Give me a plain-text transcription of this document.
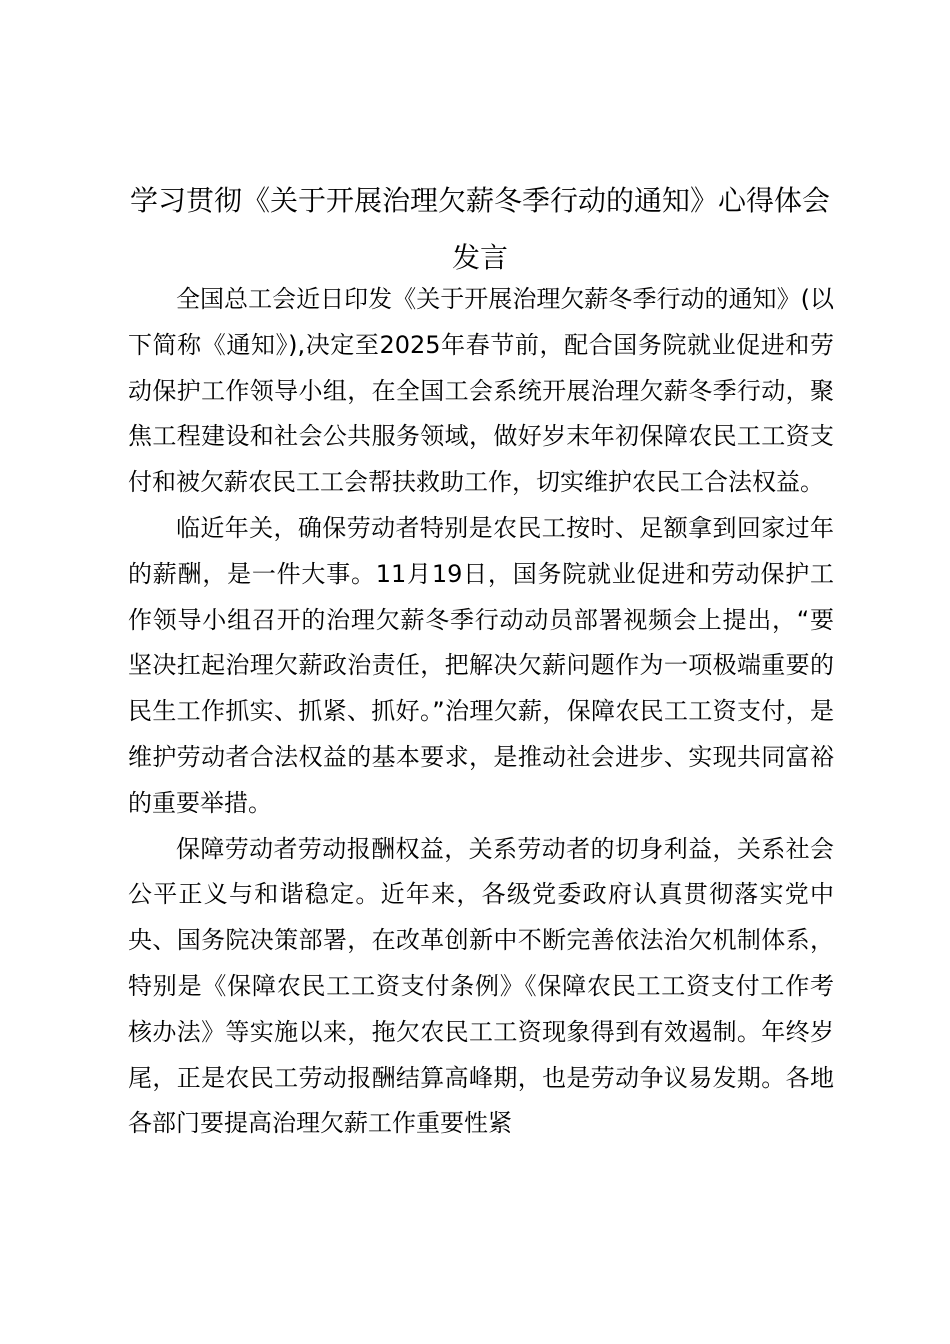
学习贯彻《关于开展治理欠薪冬季行动的通知》心得体会发言

全国总工会近日印发《关于开展治理欠薪冬季行动的通知》(以下简称《通知》),决定至2025年春节前，配合国务院就业促进和劳动保护工作领导小组，在全国工会系统开展治理欠薪冬季行动，聚焦工程建设和社会公共服务领域，做好岁末年初保障农民工工资支付和被欠薪农民工工会帮扶救助工作，切实维护农民工合法权益。

临近年关，确保劳动者特别是农民工按时、足额拿到回家过年的薪酬，是一件大事。11月19日，国务院就业促进和劳动保护工作领导小组召开的治理欠薪冬季行动动员部署视频会上提出，“要坚决扛起治理欠薪政治责任，把解决欠薪问题作为一项极端重要的民生工作抓实、抓紧、抓好。”治理欠薪，保障农民工工资支付，是维护劳动者合法权益的基本要求，是推动社会进步、实现共同富裕的重要举措。

保障劳动者劳动报酬权益，关系劳动者的切身利益，关系社会公平正义与和谐稳定。近年来，各级党委政府认真贯彻落实党中央、国务院决策部署，在改革创新中不断完善依法治欠机制体系，特别是《保障农民工工资支付条例》《保障农民工工资支付工作考核办法》等实施以来，拖欠农民工工资现象得到有效遏制。年终岁尾，正是农民工劳动报酬结算高峰期，也是劳动争议易发期。各地各部门要提高治理欠薪工作重要性紧
